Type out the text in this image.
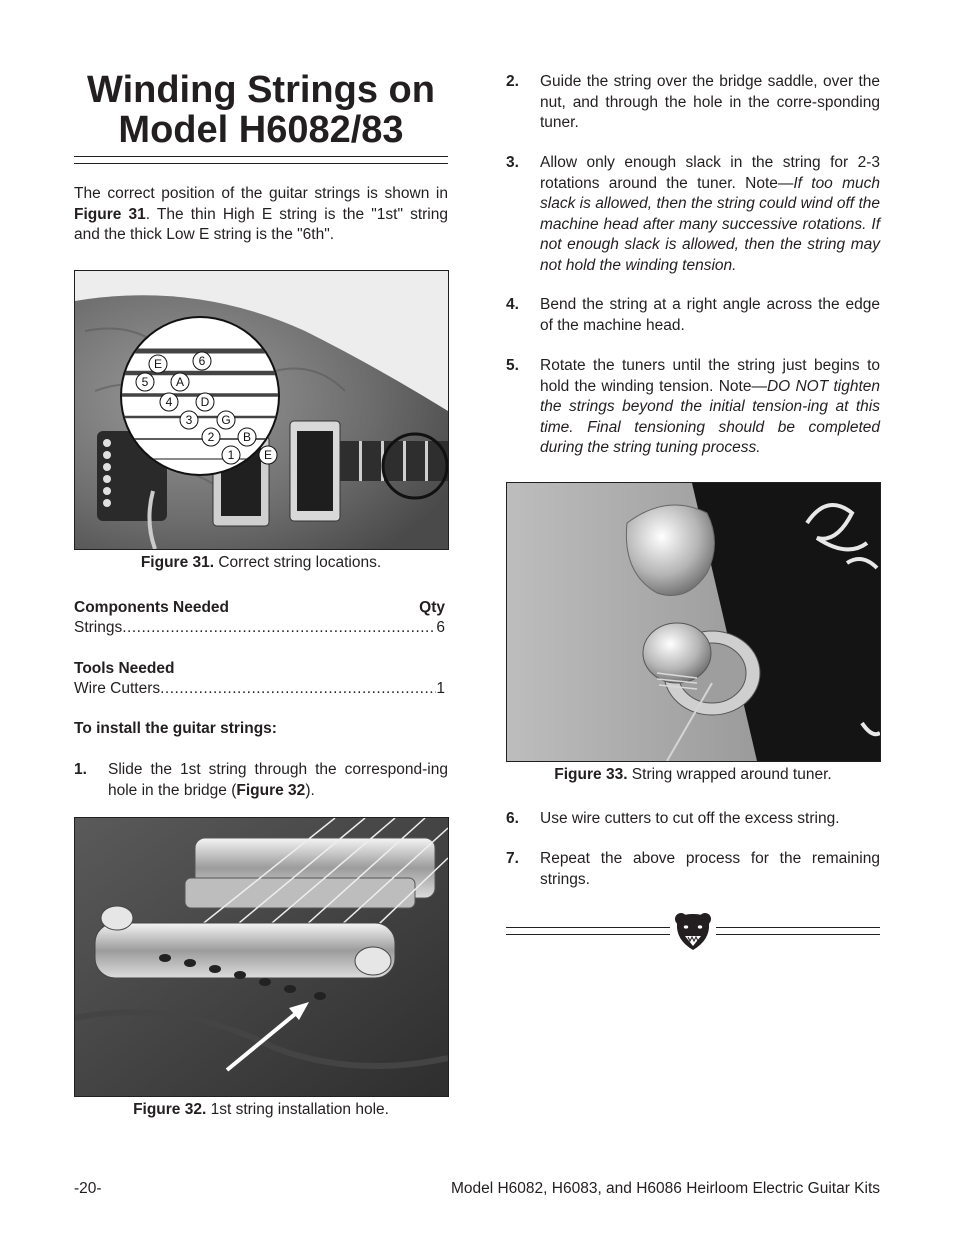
Winding Strings on
Model H6082/83

The correct position of the guitar strings is shown in Figure 31. The thin High E string is the "1st" string and the thick Low E string is the "6th".

E	6
5 A
4 D
3 G
2 B
1 E
Figure 31. Correct string locations.
Components Needed	Qty
Strings .....	6
Tools Needed
Wire Cutters .....	1
To install the guitar strings:
1.	Slide the 1st string through the correspond-ing hole in the bridge (Figure 32).
Figure 32. 1st string installation hole.
2.	Guide the string over the bridge saddle, over the nut, and through the hole in the corre-sponding tuner.
3.	Allow only enough slack in the string for 2-3 rotations around the tuner. Note—If too much slack is allowed, then the string could wind off the machine head after many successive rotations. If not enough slack is allowed, then the string may not hold the winding tension.
4.	Bend the string at a right angle across the edge of the machine head.
5.	Rotate the tuners until the string just begins to hold the winding tension. Note—DO NOT tighten the strings beyond the initial tension-ing at this time. Final tensioning should be completed during the string tuning process.
Figure 33. String wrapped around tuner.
6.	Use wire cutters to cut off the excess string.
7.	Repeat the above process for the remaining strings.
-20-	Model H6082, H6083, and H6086 Heirloom Electric Guitar Kits
